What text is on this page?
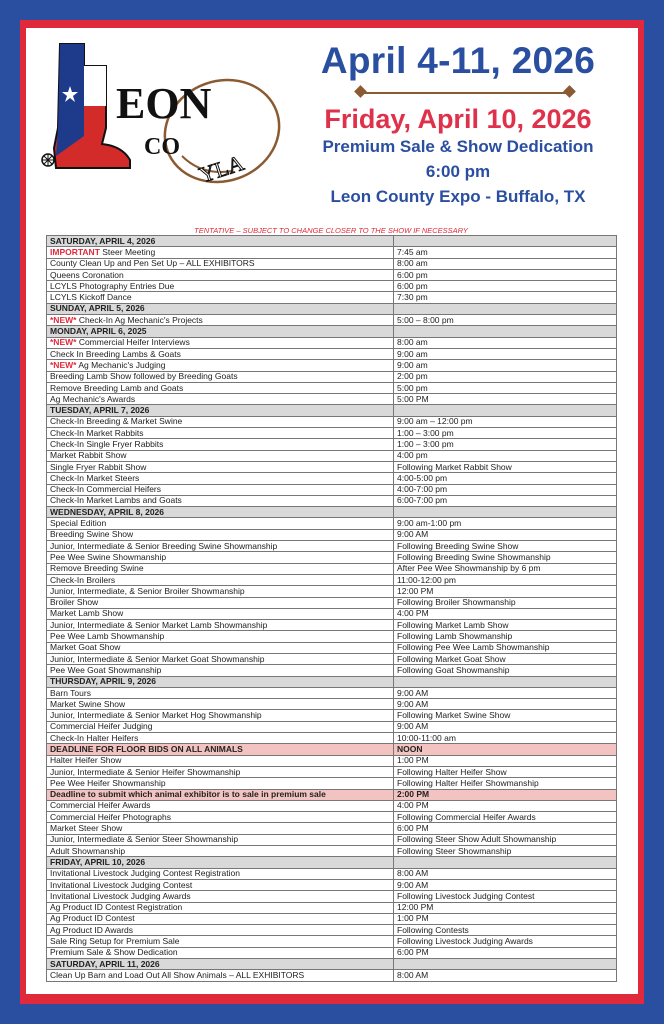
EON
CO
YLA
April 4-11, 2026
Friday, April 10, 2026
Premium Sale & Show Dedication
6:00 pm
Leon County Expo - Buffalo, TX
TENTATIVE – SUBJECT TO CHANGE CLOSER TO THE SHOW IF NECESSARY
SATURDAY, APRIL 4, 2026	
IMPORTANT Steer Meeting	7:45 am
County Clean Up and Pen Set Up – ALL EXHIBITORS	8:00 am
Queens Coronation	6:00 pm
LCYLS Photography Entries Due	6:00 pm
LCYLS Kickoff Dance	7:30 pm
SUNDAY, APRIL 5, 2026	
*NEW* Check-In Ag Mechanic's Projects	5:00 – 8:00 pm
MONDAY, APRIL 6, 2025	
*NEW* Commercial Heifer Interviews	8:00 am
Check In Breeding Lambs & Goats	9:00 am
*NEW* Ag Mechanic's Judging	9:00 am
Breeding Lamb Show followed by Breeding Goats	2:00 pm
Remove Breeding Lamb and Goats	5:00 pm
Ag Mechanic's Awards	5:00 PM
TUESDAY, APRIL 7, 2026	
Check-In Breeding & Market Swine	9:00 am – 12:00 pm
Check-In Market Rabbits	1:00 – 3:00 pm
Check-In Single Fryer Rabbits	1:00 – 3:00 pm
Market Rabbit Show	4:00 pm
Single Fryer Rabbit Show	Following Market Rabbit Show
Check-In Market Steers	4:00-5:00 pm
Check-In Commercial Heifers	4:00-7:00 pm
Check-In Market Lambs and Goats	6:00-7:00 pm
WEDNESDAY, APRIL 8, 2026	
Special Edition	9:00 am-1:00 pm
Breeding Swine Show	9:00 AM
Junior, Intermediate & Senior Breeding Swine Showmanship	Following Breeding Swine Show
Pee Wee Swine Showmanship	Following Breeding Swine Showmanship
Remove Breeding Swine	After Pee Wee Showmanship by 6 pm
Check-In Broilers	11:00-12:00 pm
Junior, Intermediate, & Senior Broiler Showmanship	12:00 PM
Broiler Show	Following Broiler Showmanship
Market Lamb Show	4:00 PM
Junior, Intermediate & Senior Market Lamb Showmanship	Following Market Lamb Show
Pee Wee Lamb Showmanship	Following Lamb Showmanship
Market Goat Show	Following Pee Wee Lamb Showmanship
Junior, Intermediate & Senior Market Goat Showmanship	Following Market Goat Show
Pee Wee Goat Showmanship	Following Goat Showmanship
THURSDAY, APRIL 9, 2026	
Barn Tours	9:00 AM
Market Swine Show	9:00 AM
Junior, Intermediate & Senior Market Hog Showmanship	Following Market Swine Show
Commercial Heifer Judging	9:00 AM
Check-In Halter Heifers	10:00-11:00 am
DEADLINE FOR FLOOR BIDS ON ALL ANIMALS	NOON
Halter Heifer Show	1:00 PM
Junior, Intermediate & Senior Heifer Showmanship	Following Halter Heifer Show
Pee Wee Heifer Showmanship	Following Halter Heifer Showmanship
Deadline to submit which animal exhibitor is to sale in premium sale	2:00 PM
Commercial Heifer Awards	4:00 PM
Commercial Heifer Photographs	Following Commercial Heifer Awards
Market Steer Show	6:00 PM
Junior, Intermediate & Senior Steer Showmanship	Following Steer Show Adult Showmanship
Adult Showmanship	Following Steer Showmanship
FRIDAY, APRIL 10, 2026	
Invitational Livestock Judging Contest Registration	8:00 AM
Invitational Livestock Judging Contest	9:00 AM
Invitational Livestock Judging Awards	Following Livestock Judging Contest
Ag Product ID Contest Registration	12:00 PM
Ag Product ID Contest	1:00 PM
Ag Product ID Awards	Following Contests
Sale Ring Setup for Premium Sale	Following Livestock Judging Awards
Premium Sale & Show Dedication	6:00 PM
SATURDAY, APRIL 11, 2026	
Clean Up Barn and Load Out All Show Animals – ALL EXHIBITORS	8:00 AM
